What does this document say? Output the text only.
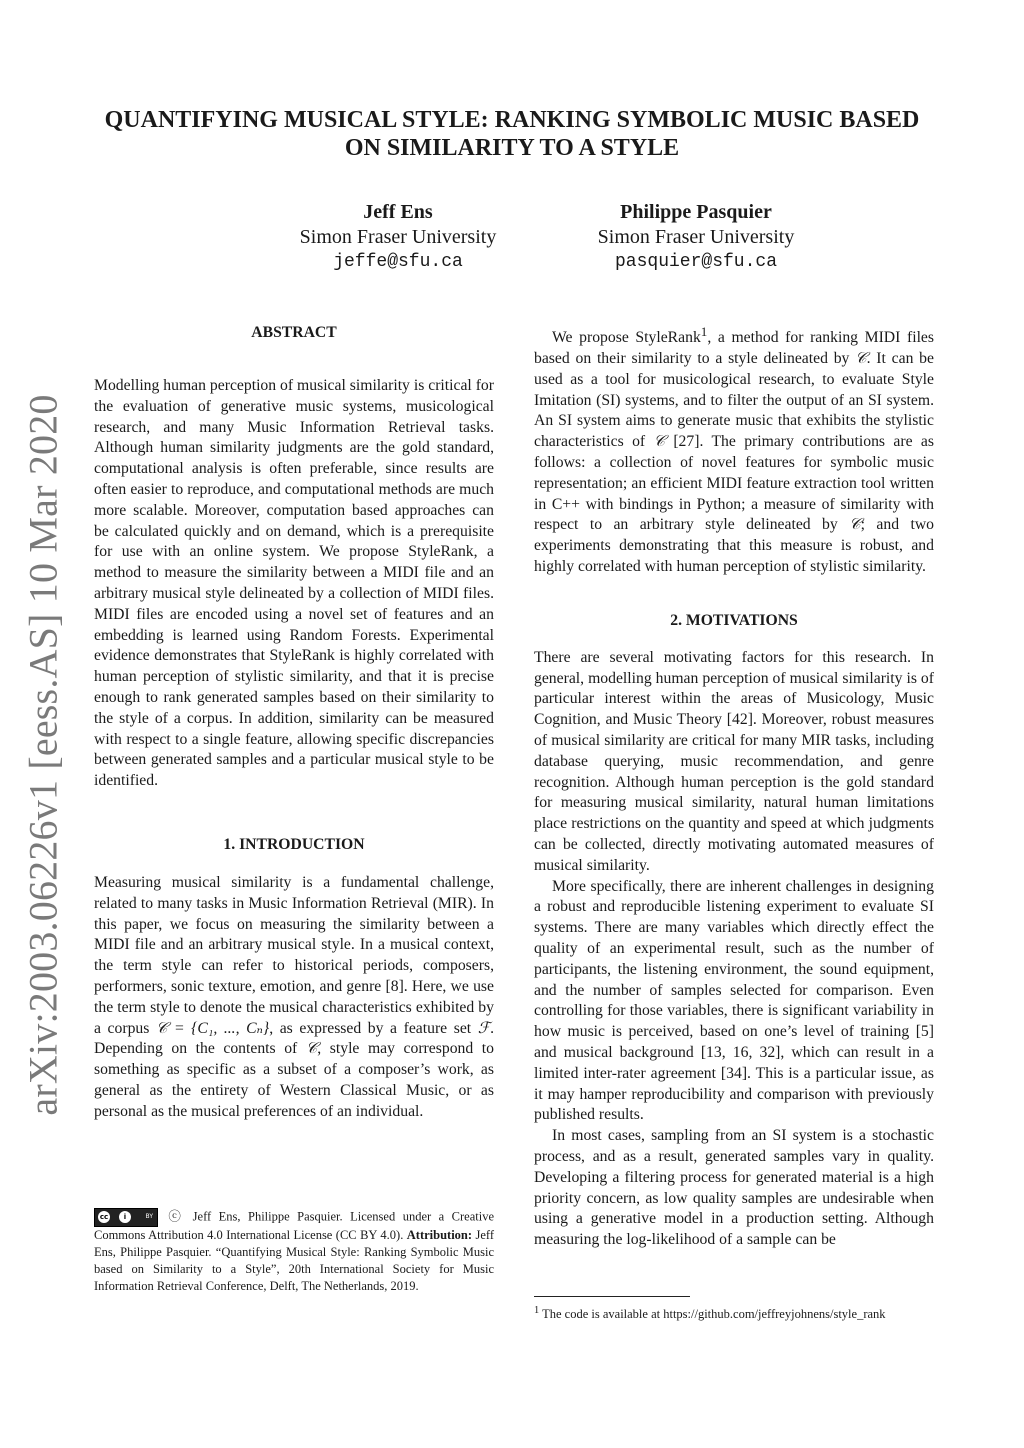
arXiv:2003.06226v1 [eess.AS] 10 Mar 2020
QUANTIFYING MUSICAL STYLE: RANKING SYMBOLIC MUSIC BASED
ON SIMILARITY TO A STYLE
Jeff Ens
Simon Fraser University
jeffe@sfu.ca
Philippe Pasquier
Simon Fraser University
pasquier@sfu.ca
ABSTRACT

Modelling human perception of musical similarity is critical for the evaluation of generative music systems, musicological research, and many Music Information Retrieval tasks. Although human similarity judgments are the gold standard, computational analysis is often preferable, since results are often easier to reproduce, and computational methods are much more scalable. Moreover, computation based approaches can be calculated quickly and on demand, which is a prerequisite for use with an online system. We propose StyleRank, a method to measure the similarity between a MIDI file and an arbitrary musical style delineated by a collection of MIDI files. MIDI files are encoded using a novel set of features and an embedding is learned using Random Forests. Experimental evidence demonstrates that StyleRank is highly correlated with human perception of stylistic similarity, and that it is precise enough to rank generated samples based on their similarity to the style of a corpus. In addition, similarity can be measured with respect to a single feature, allowing specific discrepancies between generated samples and a particular musical style to be identified.

1. INTRODUCTION

Measuring musical similarity is a fundamental challenge, related to many tasks in Music Information Retrieval (MIR). In this paper, we focus on measuring the similarity between a MIDI file and an arbitrary musical style. In a musical context, the term style can refer to historical periods, composers, performers, sonic texture, emotion, and genre [8]. Here, we use the term style to denote the musical characteristics exhibited by a corpus 𝒞 = {C₁, ..., Cₙ}, as expressed by a feature set ℱ. Depending on the contents of 𝒞, style may correspond to something as specific as a subset of a composer’s work, as general as the entirety of Western Classical Music, or as personal as the musical preferences of an individual.

cc	i	BY ⓒ Jeff Ens, Philippe Pasquier. Licensed under a Creative Commons Attribution 4.0 International License (CC BY 4.0). Attribution: Jeff Ens, Philippe Pasquier. “Quantifying Musical Style: Ranking Symbolic Music based on Similarity to a Style”, 20th International Society for Music Information Retrieval Conference, Delft, The Netherlands, 2019.

We propose StyleRank$^1$, a method for ranking MIDI files based on their similarity to a style delineated by 𝒞. It can be used as a tool for musicological research, to evaluate Style Imitation (SI) systems, and to filter the output of an SI system. An SI system aims to generate music that exhibits the stylistic characteristics of 𝒞 [27]. The primary contributions are as follows: a collection of novel features for symbolic music representation; an efficient MIDI feature extraction tool written in C++ with bindings in Python; a measure of similarity with respect to an arbitrary style delineated by 𝒞; and two experiments demonstrating that this measure is robust, and highly correlated with human perception of stylistic similarity.

2. MOTIVATIONS

There are several motivating factors for this research. In general, modelling human perception of musical similarity is of particular interest within the areas of Musicology, Music Cognition, and Music Theory [42]. Moreover, robust measures of musical similarity are critical for many MIR tasks, including database querying, music recommendation, and genre recognition. Although human perception is the gold standard for measuring musical similarity, natural human limitations place restrictions on the quantity and speed at which judgments can be collected, directly motivating automated measures of musical similarity.

More specifically, there are inherent challenges in designing a robust and reproducible listening experiment to evaluate SI systems. There are many variables which directly effect the quality of an experimental result, such as the number of participants, the listening environment, the sound equipment, and the number of samples selected for comparison. Even controlling for those variables, there is significant variability in how music is perceived, based on one’s level of training [5] and musical background [13, 16, 32], which can result in a limited inter-rater agreement [34]. This is a particular issue, as it may hamper reproducibility and comparison with previously published results.

In most cases, sampling from an SI system is a stochastic process, and as a result, generated samples vary in quality. Developing a filtering process for generated material is a high priority concern, as low quality samples are undesirable when using a generative model in a production setting. Although measuring the log-likelihood of a sample can be

$^1$ The code is available at https://github.com/jeffreyjohnens/style_rank
